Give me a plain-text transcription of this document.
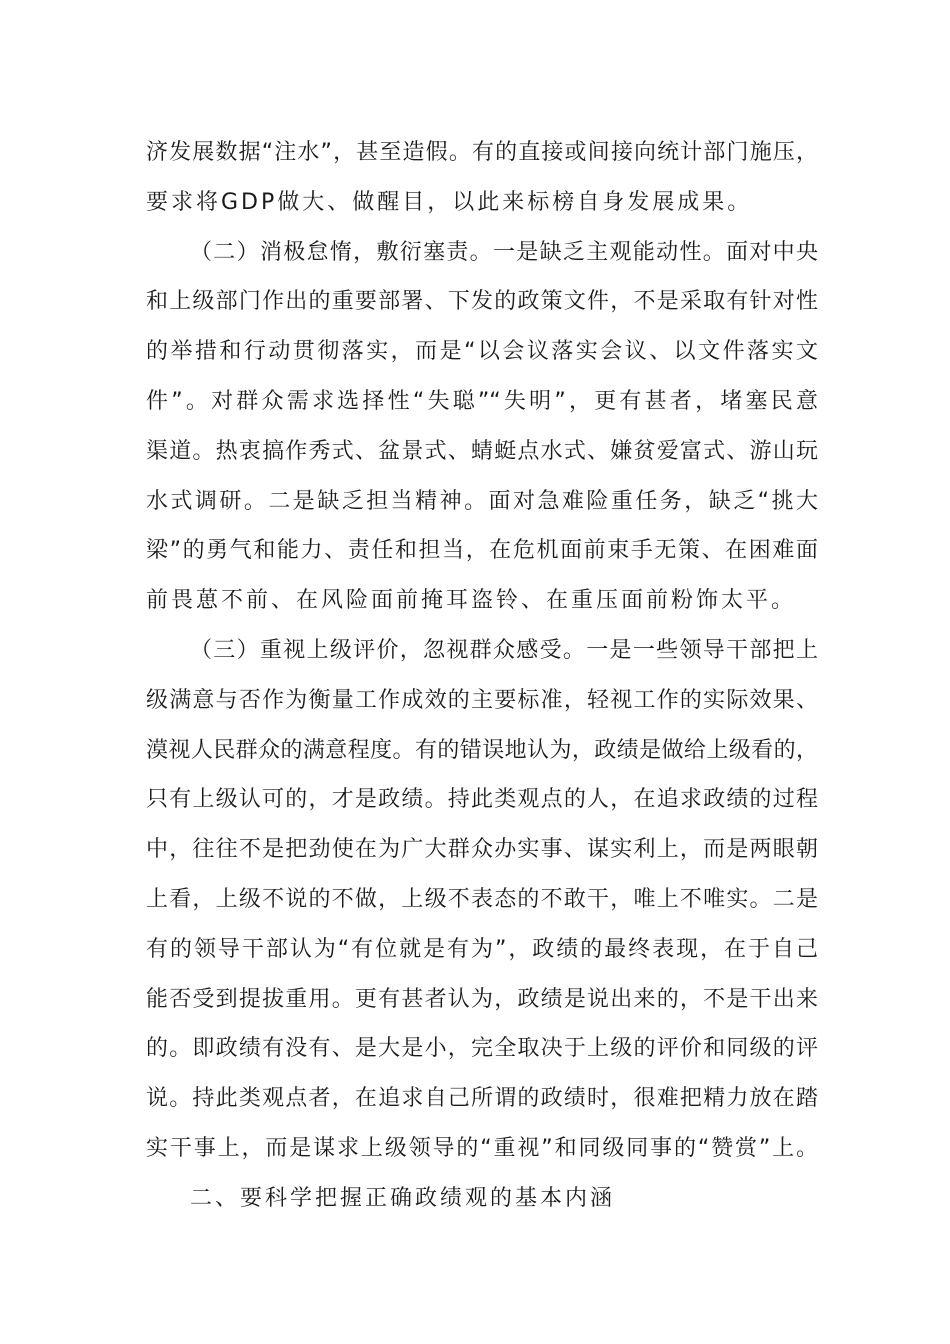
济发展数据“注水”，甚至造假。有的直接或间接向统计部门施压，
要求将GDP做大、做醒目，以此来标榜自身发展成果。
（二）消极怠惰，敷衍塞责。一是缺乏主观能动性。面对中央
和上级部门作出的重要部署、下发的政策文件，不是采取有针对性
的举措和行动贯彻落实，而是“以会议落实会议、以文件落实文
件”。对群众需求选择性“失聪”“失明”，更有甚者，堵塞民意
渠道。热衷搞作秀式、盆景式、蜻蜓点水式、嫌贫爱富式、游山玩
水式调研。二是缺乏担当精神。面对急难险重任务，缺乏“挑大
梁”的勇气和能力、责任和担当，在危机面前束手无策、在困难面
前畏葸不前、在风险面前掩耳盗铃、在重压面前粉饰太平。
（三）重视上级评价，忽视群众感受。一是一些领导干部把上
级满意与否作为衡量工作成效的主要标准，轻视工作的实际效果、
漠视人民群众的满意程度。有的错误地认为，政绩是做给上级看的，
只有上级认可的，才是政绩。持此类观点的人，在追求政绩的过程
中，往往不是把劲使在为广大群众办实事、谋实利上，而是两眼朝
上看，上级不说的不做，上级不表态的不敢干，唯上不唯实。二是
有的领导干部认为“有位就是有为”，政绩的最终表现，在于自己
能否受到提拔重用。更有甚者认为，政绩是说出来的，不是干出来
的。即政绩有没有、是大是小，完全取决于上级的评价和同级的评
说。持此类观点者，在追求自己所谓的政绩时，很难把精力放在踏
实干事上，而是谋求上级领导的“重视”和同级同事的“赞赏”上。
二、要科学把握正确政绩观的基本内涵
